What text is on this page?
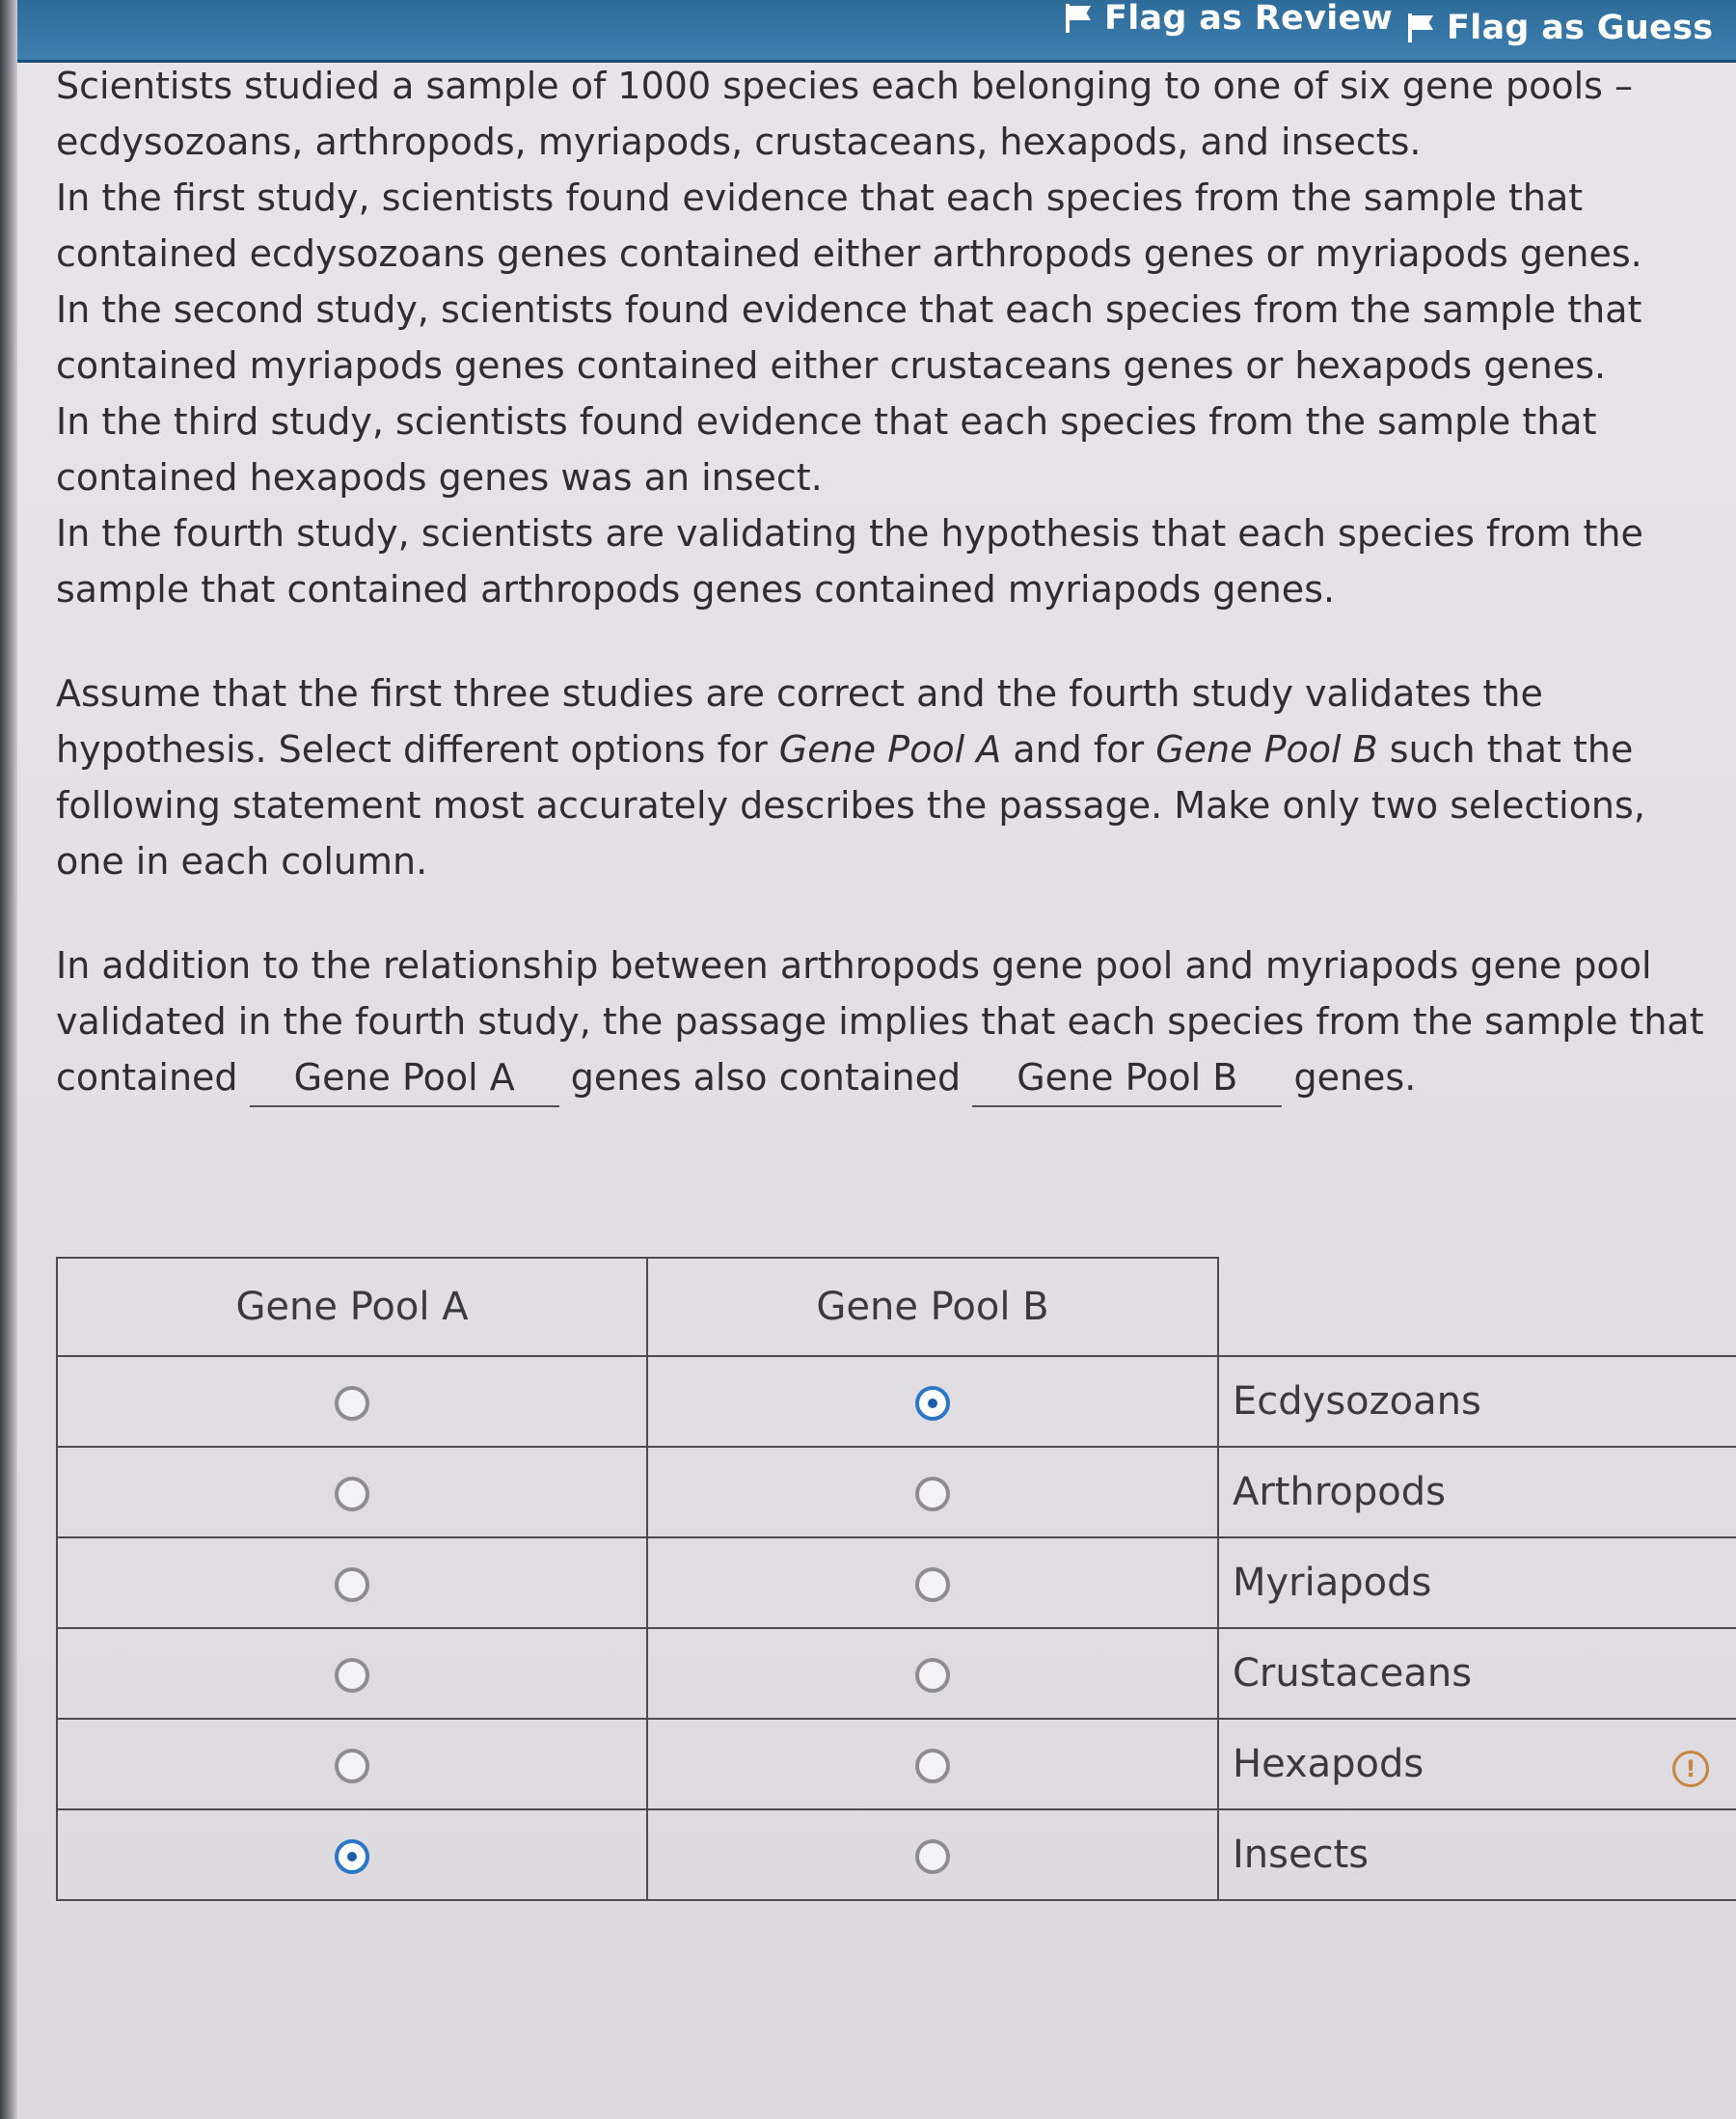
Flag as Review Flag as Guess

Scientists studied a sample of 1000 species each belonging to one of six gene pools – ecdysozoans, arthropods, myriapods, crustaceans, hexapods, and insects.

In the first study, scientists found evidence that each species from the sample that contained ecdysozoans genes contained either arthropods genes or myriapods genes.

In the second study, scientists found evidence that each species from the sample that contained myriapods genes contained either crustaceans genes or hexapods genes.

In the third study, scientists found evidence that each species from the sample that contained hexapods genes was an insect.

In the fourth study, scientists are validating the hypothesis that each species from the sample that contained arthropods genes contained myriapods genes.

Assume that the first three studies are correct and the fourth study validates the hypothesis. Select different options for Gene Pool A and for Gene Pool B such that the following statement most accurately describes the passage. Make only two selections, one in each column.

In addition to the relationship between arthropods gene pool and myriapods gene pool validated in the fourth study, the passage implies that each species from the sample that contained Gene Pool A genes also contained Gene Pool B genes.

Gene Pool A	Gene Pool B	
		Ecdysozoans
		Arthropods
		Myriapods
		Crustaceans
		Hexapods
		Insects
!
